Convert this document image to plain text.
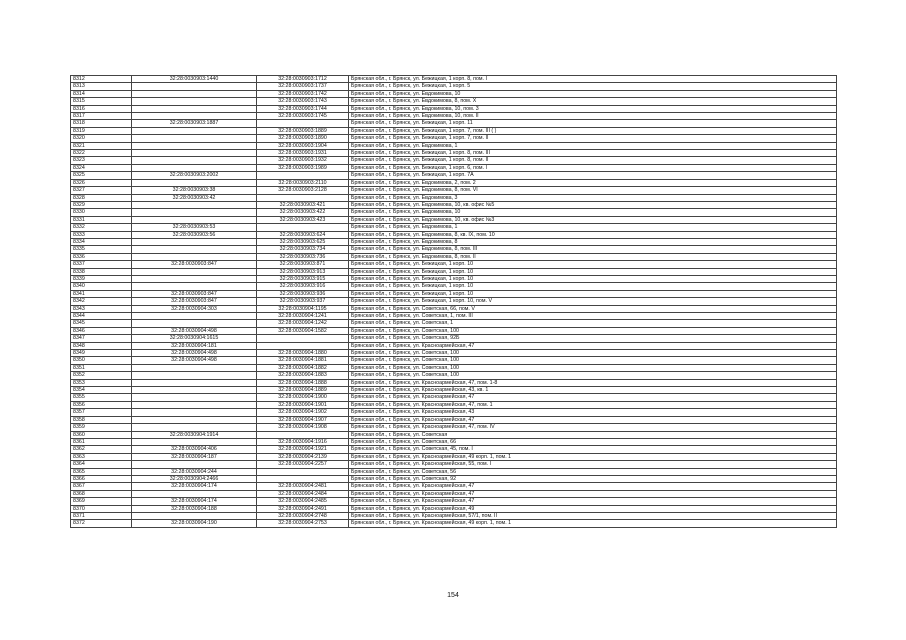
8312	32:28:0030903:1440	32:28:0030903:1712	Брянская обл., г. Брянск, ул. Бежицкая, 1 корп. 8, пом. I
8313		32:28:0030903:1737	Брянская обл., г. Брянск, ул. Бежицкая, 1 корп. 5
8314		32:28:0030903:1742	Брянская обл., г. Брянск, ул. Евдокимова, 10
8315		32:28:0030903:1743	Брянская обл., г. Брянск, ул. Евдокимова, 8, пом. X
8316		32:28:0030903:1744	Брянская обл., г. Брянск, ул. Евдокимова, 10, пом. 3
8317		32:28:0030903:1745	Брянская обл., г. Брянск, ул. Евдокимова, 10, пом. II
8318	32:28:0030903:1887		Брянская обл., г. Брянск, ул. Бежицкая, 1 корп. 11
8319		32:28:0030903:1889	Брянская обл., г. Брянск, ул. Бежицкая, 1 корп. 7, пом. III ( )
8320		32:28:0030903:1890	Брянская обл., г. Брянск, ул. Бежицкая, 1 корп. 7, пом. II
8321		32:28:0030903:1904	Брянская обл., г. Брянск, ул. Евдокимова, 1
8322		32:28:0030903:1931	Брянская обл., г. Брянск, ул. Бежицкая, 1 корп. 8, пом. III
8323		32:28:0030903:1932	Брянская обл., г. Брянск, ул. Бежицкая, 1 корп. 8, пом. II
8324		32:28:0030903:1989	Брянская обл., г. Брянск, ул. Бежицкая, 1 корп. 6, пом. I
8325	32:28:0030903:2002		Брянская обл., г. Брянск, ул. Бежицкая, 1 корп. 7А
8326		32:28:0030903:2110	Брянская обл., г. Брянск, ул. Евдокимова, 2, пом. 2
8327	32:28:0030903:38	32:28:0030903:2128	Брянская обл., г. Брянск, ул. Евдокимова, 8, пом. VI
8328	32:28:0030903:42		Брянская обл., г. Брянск, ул. Евдокимова, 3
8329		32:28:0030903:421	Брянская обл., г. Брянск, ул. Евдокимова, 10, кв. офис №5
8330		32:28:0030903:422	Брянская обл., г. Брянск, ул. Евдокимова, 10
8331		32:28:0030903:423	Брянская обл., г. Брянск, ул. Евдокимова, 10, кв. офис №3
8332	32:28:0030903:53		Брянская обл., г. Брянск, ул. Евдокимова, 1
8333	32:28:0030903:56	32:28:0030903:624	Брянская обл., г. Брянск, ул. Евдокимова, 8, кв. IX, пом. 10
8334		32:28:0030903:625	Брянская обл., г. Брянск, ул. Евдокимова, 8
8335		32:28:0030903:734	Брянская обл., г. Брянск, ул. Евдокимова, 8, пом. III
8336		32:28:0030903:736	Брянская обл., г. Брянск, ул. Евдокимова, 8, пом. II
8337	32:28:0030903:847	32:28:0030903:871	Брянская обл., г. Брянск, ул. Бежицкая, 1 корп. 10
8338		32:28:0030903:913	Брянская обл., г. Брянск, ул. Бежицкая, 1 корп. 10
8339		32:28:0030903:915	Брянская обл., г. Брянск, ул. Бежицкая, 1 корп. 10
8340		32:28:0030903:916	Брянская обл., г. Брянск, ул. Бежицкая, 1 корп. 10
8341	32:28:0030903:847	32:28:0030903:936	Брянская обл., г. Брянск, ул. Бежицкая, 1 корп. 10
8342	32:28:0030903:847	32:28:0030903:937	Брянская обл., г. Брянск, ул. Бежицкая, 1 корп. 10, пом. V
8343	32:28:0030904:303	32:28:0030904:1195	Брянская обл., г. Брянск, ул. Советская, 66, пом. V
8344		32:28:0030904:1241	Брянская обл., г. Брянск, ул. Советская, 1, пом. III
8345		32:28:0030904:1242	Брянская обл., г. Брянск, ул. Советская, 1
8346	32:28:0030904:498	32:28:0030904:1582	Брянская обл., г. Брянск, ул. Советская, 100
8347	32:28:0030904:1615		Брянская обл., г. Брянск, ул. Советская, 92Б
8348	32:28:0030904:181		Брянская обл., г. Брянск, ул. Красноармейская, 47
8349	32:28:0030904:498	32:28:0030904:1880	Брянская обл., г. Брянск, ул. Советская, 100
8350	32:28:0030904:498	32:28:0030904:1881	Брянская обл., г. Брянск, ул. Советская, 100
8351		32:28:0030904:1882	Брянская обл., г. Брянск, ул. Советская, 100
8352		32:28:0030904:1883	Брянская обл., г. Брянск, ул. Советская, 100
8353		32:28:0030904:1888	Брянская обл., г. Брянск, ул. Красноармейская, 47, пом. 1-8
8354		32:28:0030904:1889	Брянская обл., г. Брянск, ул. Красноармейская, 43, кв. 1
8355		32:28:0030904:1900	Брянская обл., г. Брянск, ул. Красноармейская, 47
8356		32:28:0030904:1901	Брянская обл., г. Брянск, ул. Красноармейская, 47, пом. 1
8357		32:28:0030904:1902	Брянская обл., г. Брянск, ул. Красноармейская, 43
8358		32:28:0030904:1907	Брянская обл., г. Брянск, ул. Красноармейская, 47
8359		32:28:0030904:1908	Брянская обл., г. Брянск, ул. Красноармейская, 47, пом. IV
8360	32:28:0030904:1914		Брянская обл., г. Брянск, ул. Советская
8361		32:28:0030904:1916	Брянская обл., г. Брянск, ул. Советская, 66
8362	32:28:0030904:406	32:28:0030904:1921	Брянская обл., г. Брянск, ул. Советская, 45, пом. I
8363	32:28:0030904:187	32:28:0030904:2139	Брянская обл., г. Брянск, ул. Красноармейская, 49 корп. 1, пом. 1
8364		32:28:0030904:2257	Брянская обл., г. Брянск, ул. Красноармейская, 55, пом. I
8365	32:28:0030904:244		Брянская обл., г. Брянск, ул. Советская, 56
8366	32:28:0030904:2466		Брянская обл., г. Брянск, ул. Советская, 92
8367	32:28:0030904:174	32:28:0030904:2481	Брянская обл., г. Брянск, ул. Красноармейская, 47
8368		32:28:0030904:2484	Брянская обл., г. Брянск, ул. Красноармейская, 47
8369	32:28:0030904:174	32:28:0030904:2485	Брянская обл., г. Брянск, ул. Красноармейская, 47
8370	32:28:0030904:188	32:28:0030904:2491	Брянская обл., г. Брянск, ул. Красноармейская, 49
8371		32:28:0030904:2748	Брянская обл., г. Брянск, ул. Красноармейская, 57/1, пом. II
8372	32:28:0030904:190	32:28:0030904:2753	Брянская обл., г. Брянск, ул. Красноармейская, 49 корп. 1, пом. 1
154
